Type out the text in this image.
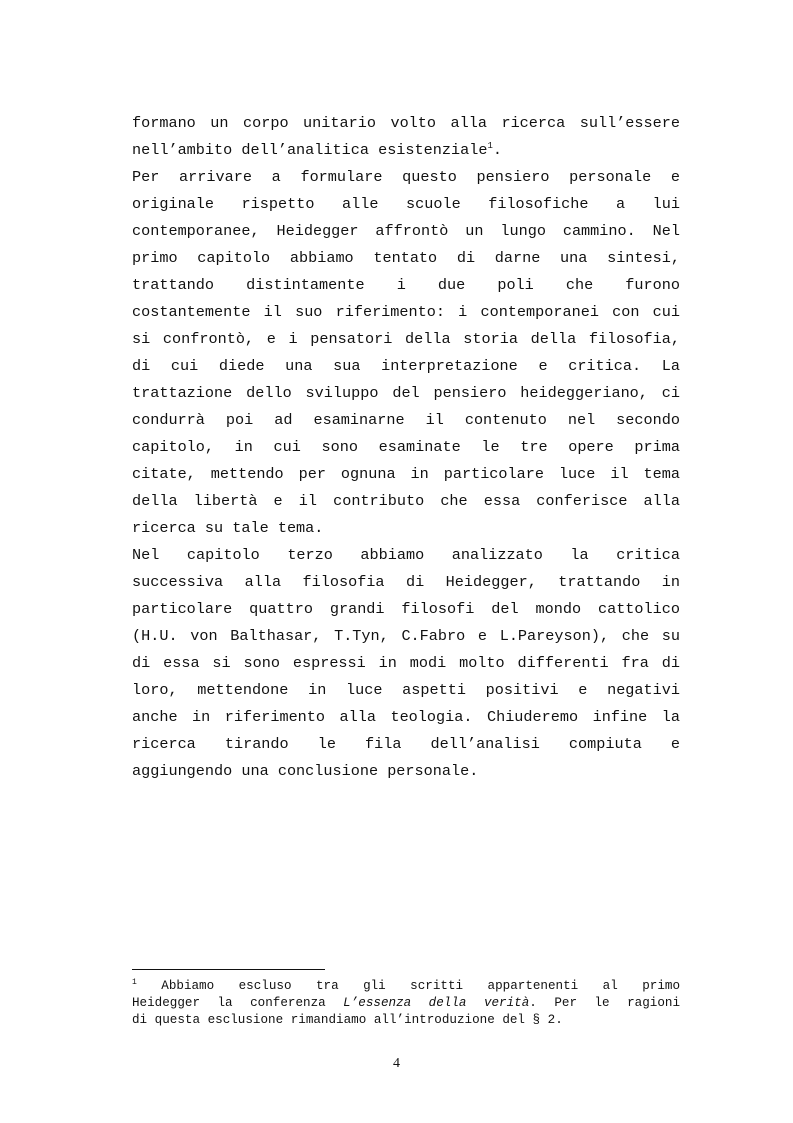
formano un corpo unitario volto alla ricerca sull’essere
nell’ambito dell’analitica esistenziale$^1$.
Per arrivare a formulare questo pensiero personale e
originale rispetto alle scuole filosofiche a lui
contemporanee, Heidegger affrontò un lungo cammino. Nel
primo capitolo abbiamo tentato di darne una sintesi,
trattando distintamente i due poli che furono
costantemente il suo riferimento: i contemporanei con cui
si confrontò, e i pensatori della storia della filosofia,
di cui diede una sua interpretazione e critica. La
trattazione dello sviluppo del pensiero heideggeriano, ci
condurrà poi ad esaminarne il contenuto nel secondo
capitolo, in cui sono esaminate le tre opere prima
citate, mettendo per ognuna in particolare luce il tema
della libertà e il contributo che essa conferisce alla
ricerca su tale tema.
Nel capitolo terzo abbiamo analizzato la critica
successiva alla filosofia di Heidegger, trattando in
particolare quattro grandi filosofi del mondo cattolico
(H.U. von Balthasar, T.Tyn, C.Fabro e L.Pareyson), che su
di essa si sono espressi in modi molto differenti fra di
loro, mettendone in luce aspetti positivi e negativi
anche in riferimento alla teologia. Chiuderemo infine la
ricerca tirando le fila dell’analisi compiuta e
aggiungendo una conclusione personale.
$^1$ Abbiamo escluso tra gli scritti appartenenti al primo
Heidegger la conferenza L’essenza della verità. Per le ragioni
di questa esclusione rimandiamo all’introduzione del § 2.
4
